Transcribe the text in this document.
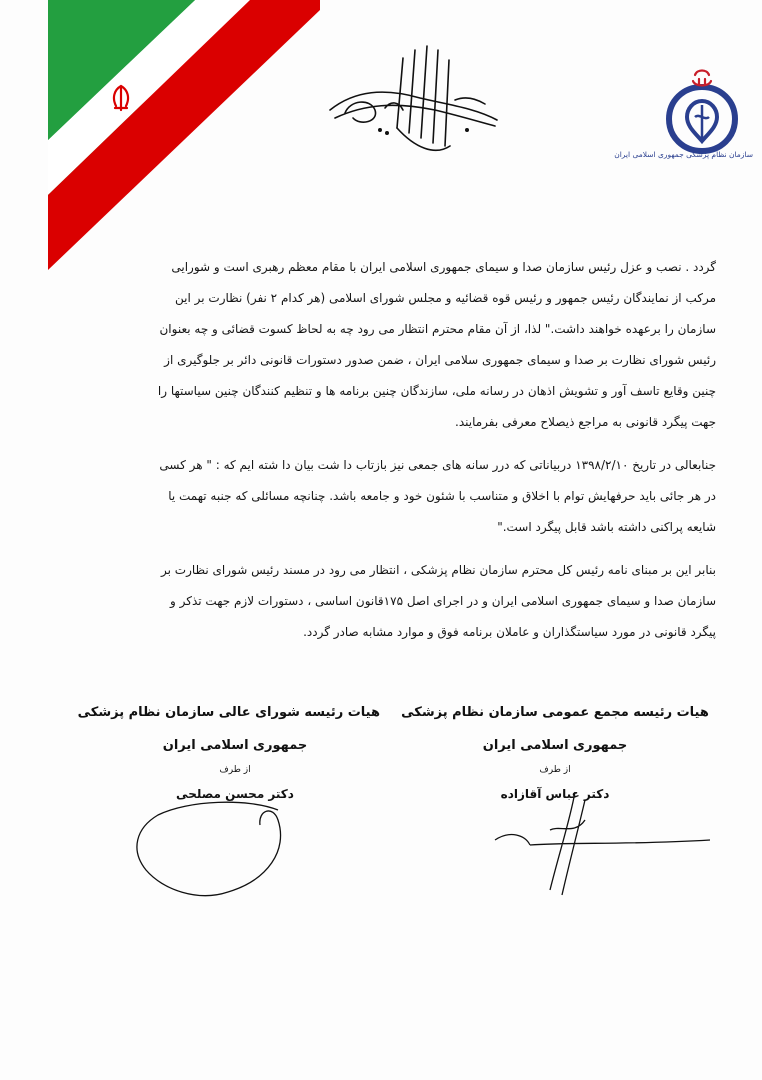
سازمان نظام پزشکی جمهوری اسلامی ایران
گردد . نصب و عزل رئیس سازمان صدا و سیمای جمهوری اسلامی ایران با مقام معظم رهبری است و شورایی
مرکب از نمایندگان رئیس جمهور و رئیس قوه قضائیه و مجلس شورای اسلامی (هر کدام ۲ نفر) نظارت بر این
سازمان را برعهده خواهند داشت." لذا، از آن مقام محترم انتظار می رود چه به لحاظ کسوت قضائی و چه بعنوان
رئیس شورای نظارت بر صدا و سیمای جمهوری سلامی ایران ، ضمن صدور دستورات قانونی دائر بر جلوگیری از
چنین وقایع تاسف آور و تشویش اذهان در رسانه ملی، سازندگان چنین برنامه ها و تنظیم کنندگان چنین سیاستها را
جهت پیگرد قانونی به مراجع ذیصلاح معرفی بفرمایند.
جنابعالی در تاریخ ۱۳۹۸/۲/۱۰ دربیاناتی که درر سانه های جمعی نیز بازتاب دا شت بیان دا شته ایم که : " هر کسی
در هر جائی باید حرفهایش توام با اخلاق و متناسب با شئون خود و جامعه باشد. چنانچه مسائلی که جنبه تهمت یا
شایعه پراکنی داشته باشد قابل پیگرد است."
بنابر این بر مبنای نامه رئیس کل محترم سازمان نظام پزشکی ، انتظار می رود در مسند رئیس شورای نظارت بر
سازمان صدا و سیمای جمهوری اسلامی ایران و در اجرای اصل ۱۷۵قانون اساسی ، دستورات لازم جهت تذکر و
پیگرد قانونی در مورد سیاستگذاران و عاملان برنامه فوق و موارد مشابه صادر گردد.
هیات رئیسه مجمع عمومی سازمان نظام پزشکی
جمهوری اسلامی ایران
از طرف
دکتر عباس آقازاده
هیات رئیسه شورای عالی سازمان نظام پزشکی
جمهوری اسلامی ایران
از طرف
دکتر محسن مصلحی
